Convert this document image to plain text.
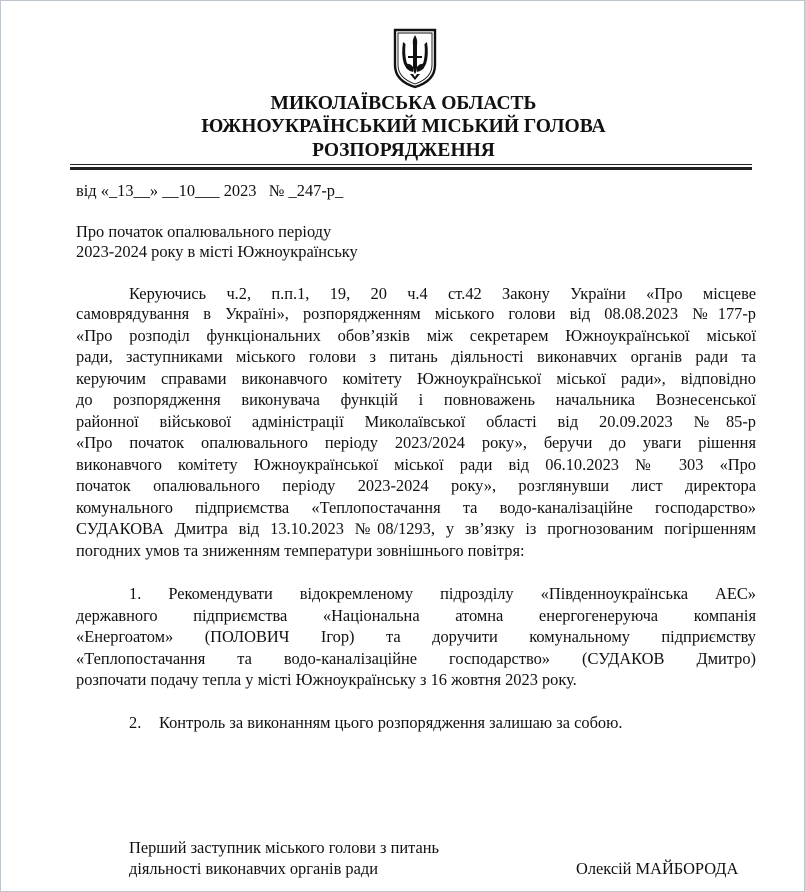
МИКОЛАЇВСЬКА ОБЛАСТЬ
ЮЖНОУКРАЇНСЬКИЙ МІСЬКИЙ ГОЛОВА
РОЗПОРЯДЖЕННЯ
від «_13__» __10___ 2023 № _247-р_
Про початок опалювального періоду
2023-2024 року в місті Южноукраїнську
Керуючись ч.2, п.п.1, 19, 20 ч.4 ст.42 Закону України «Про місцеве
самоврядування в Україні», розпорядженням міського голови від 08.08.2023 №177-р
«Про розподіл функціональних обов’язків між секретарем Южноукраїнської міської
ради, заступниками міського голови з питань діяльності виконавчих органів ради та
керуючим справами виконавчого комітету Южноукраїнської міської ради», відповідно
до розпорядження виконувача функцій і повноважень начальника Вознесенської
районної військової адміністрації Миколаївської області від 20.09.2023 №85-р
«Про початок опалювального періоду 2023/2024 року», беручи до уваги рішення
виконавчого комітету Южноукраїнської міської ради від 06.10.2023 № 303 «Про
початок опалювального періоду 2023-2024 року», розглянувши лист директора
комунального підприємства «Теплопостачання та водо-каналізаційне господарство»
СУДАКОВА Дмитра від 13.10.2023 №08/1293, у зв’язку із прогнозованим погіршенням
погодних умов та зниженням температури зовнішнього повітря:
1. Рекомендувати відокремленому підрозділу «Південноукраїнська АЕС»
державного підприємства «Національна атомна енергогенеруюча компанія
«Енергоатом» (ПОЛОВИЧ Ігор) та доручити комунальному підприємству
«Теплопостачання та водо-каналізаційне господарство» (СУДАКОВ Дмитро)
розпочати подачу тепла у місті Южноукраїнську з 16 жовтня 2023 року.
2. Контроль за виконанням цього розпорядження залишаю за собою.
Перший заступник міського голови з питань
діяльності виконавчих органів ради	Олексій МАЙБОРОДА
